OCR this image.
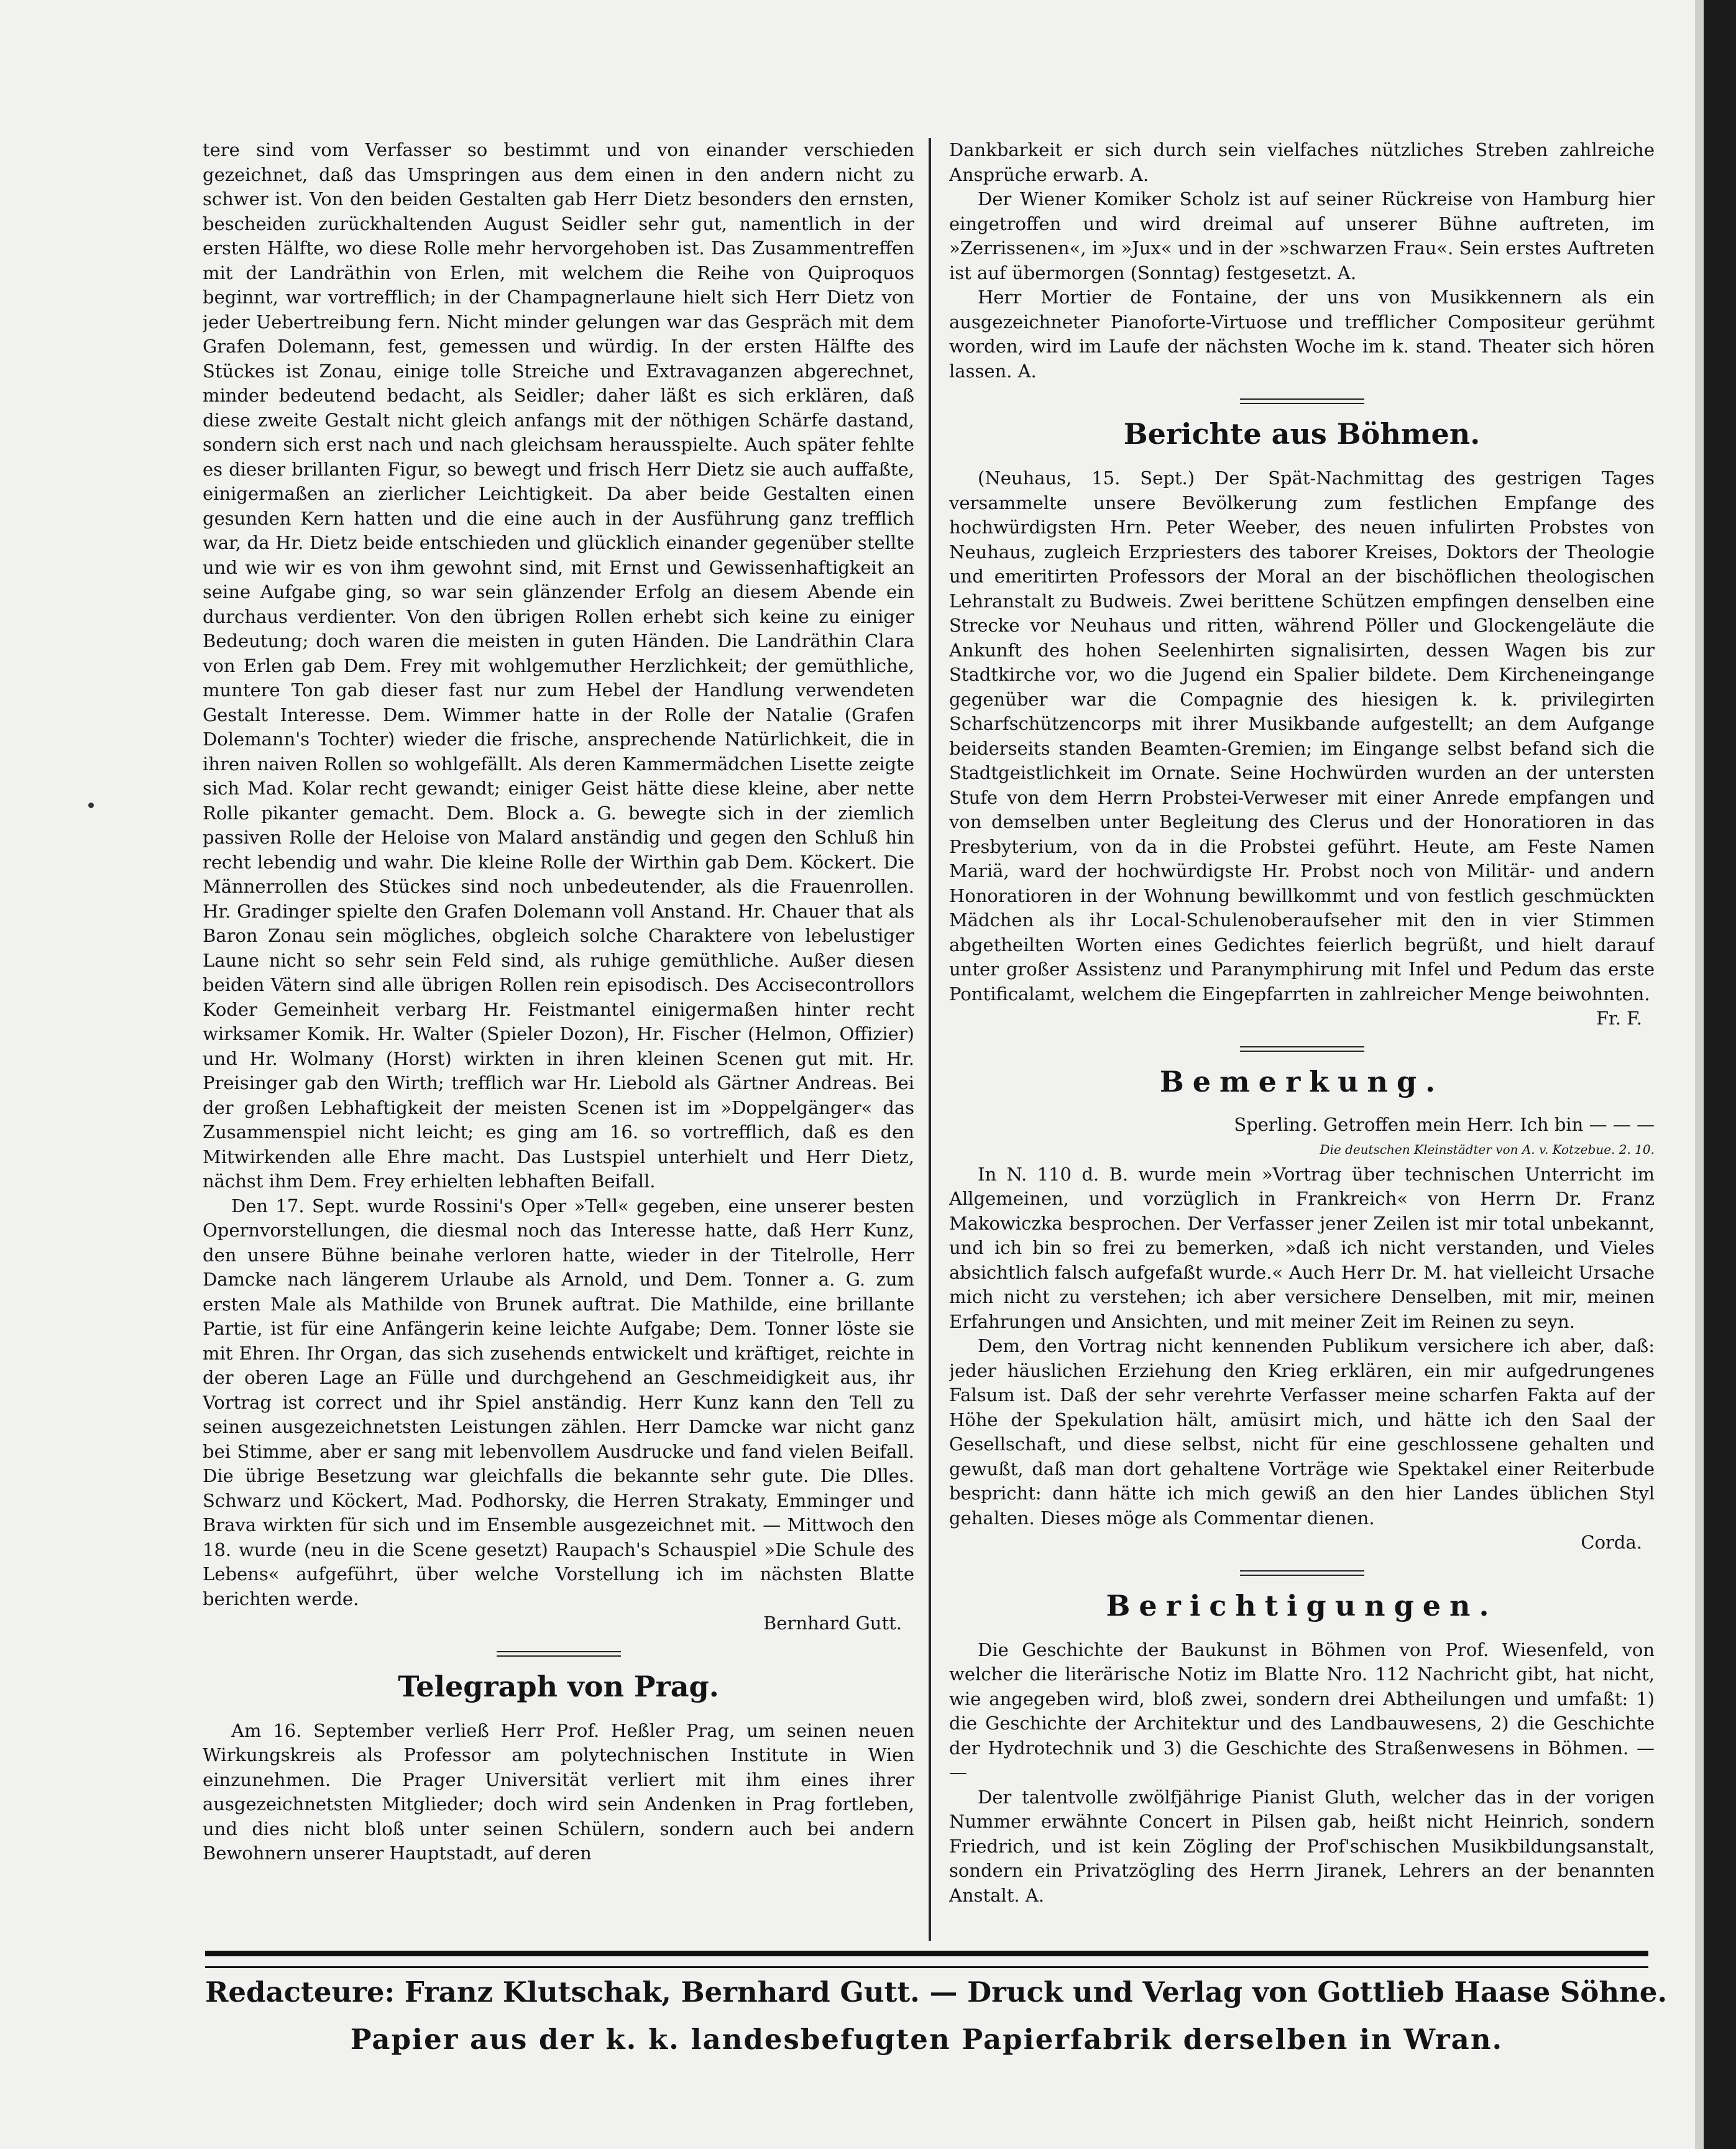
tere sind vom Verfasser so bestimmt und von einander verschieden gezeichnet, daß das Umspringen aus dem einen in den andern nicht zu schwer ist. Von den beiden Gestalten gab Herr Dietz besonders den ernsten, bescheiden zurückhaltenden August Seidler sehr gut, namentlich in der ersten Hälfte, wo diese Rolle mehr hervorgehoben ist. Das Zusammentreffen mit der Landräthin von Erlen, mit welchem die Reihe von Quiproquos beginnt, war vortrefflich; in der Champagnerlaune hielt sich Herr Dietz von jeder Uebertreibung fern. Nicht minder gelungen war das Gespräch mit dem Grafen Dolemann, fest, gemessen und würdig. In der ersten Hälfte des Stückes ist Zonau, einige tolle Streiche und Extravaganzen abgerechnet, minder bedeutend bedacht, als Seidler; daher läßt es sich erklären, daß diese zweite Gestalt nicht gleich anfangs mit der nöthigen Schärfe dastand, sondern sich erst nach und nach gleichsam herausspielte. Auch später fehlte es dieser brillanten Figur, so bewegt und frisch Herr Dietz sie auch auffaßte, einigermaßen an zierlicher Leichtigkeit. Da aber beide Gestalten einen gesunden Kern hatten und die eine auch in der Ausführung ganz trefflich war, da Hr. Dietz beide entschieden und glücklich einander gegenüber stellte und wie wir es von ihm gewohnt sind, mit Ernst und Gewissenhaftigkeit an seine Aufgabe ging, so war sein glänzender Erfolg an diesem Abende ein durchaus verdienter. Von den übrigen Rollen erhebt sich keine zu einiger Bedeutung; doch waren die meisten in guten Händen. Die Landräthin Clara von Erlen gab Dem. Frey mit wohlgemuther Herzlichkeit; der gemüthliche, muntere Ton gab dieser fast nur zum Hebel der Handlung verwendeten Gestalt Interesse. Dem. Wimmer hatte in der Rolle der Natalie (Grafen Dolemann's Tochter) wieder die frische, ansprechende Natürlichkeit, die in ihren naiven Rollen so wohlgefällt. Als deren Kammermädchen Lisette zeigte sich Mad. Kolar recht gewandt; einiger Geist hätte diese kleine, aber nette Rolle pikanter gemacht. Dem. Block a. G. bewegte sich in der ziemlich passiven Rolle der Heloise von Malard anständig und gegen den Schluß hin recht lebendig und wahr. Die kleine Rolle der Wirthin gab Dem. Köckert. Die Männerrollen des Stückes sind noch unbedeutender, als die Frauenrollen. Hr. Gradinger spielte den Grafen Dolemann voll Anstand. Hr. Chauer that als Baron Zonau sein mögliches, obgleich solche Charaktere von lebelustiger Laune nicht so sehr sein Feld sind, als ruhige gemüthliche. Außer diesen beiden Vätern sind alle übrigen Rollen rein episodisch. Des Accisecontrollors Koder Gemeinheit verbarg Hr. Feistmantel einigermaßen hinter recht wirksamer Komik. Hr. Walter (Spieler Dozon), Hr. Fischer (Helmon, Offizier) und Hr. Wolmany (Horst) wirkten in ihren kleinen Scenen gut mit. Hr. Preisinger gab den Wirth; trefflich war Hr. Liebold als Gärtner Andreas. Bei der großen Lebhaftigkeit der meisten Scenen ist im »Doppelgänger« das Zusammenspiel nicht leicht; es ging am 16. so vortrefflich, daß es den Mitwirkenden alle Ehre macht. Das Lustspiel unterhielt und Herr Dietz, nächst ihm Dem. Frey erhielten lebhaften Beifall.

Den 17. Sept. wurde Rossini's Oper »Tell« gegeben, eine unserer besten Opernvorstellungen, die diesmal noch das Interesse hatte, daß Herr Kunz, den unsere Bühne beinahe verloren hatte, wieder in der Titelrolle, Herr Damcke nach längerem Urlaube als Arnold, und Dem. Tonner a. G. zum ersten Male als Mathilde von Brunek auftrat. Die Mathilde, eine brillante Partie, ist für eine Anfängerin keine leichte Aufgabe; Dem. Tonner löste sie mit Ehren. Ihr Organ, das sich zusehends entwickelt und kräftiget, reichte in der oberen Lage an Fülle und durchgehend an Geschmeidigkeit aus, ihr Vortrag ist correct und ihr Spiel anständig. Herr Kunz kann den Tell zu seinen ausgezeichnetsten Leistungen zählen. Herr Damcke war nicht ganz bei Stimme, aber er sang mit lebenvollem Ausdrucke und fand vielen Beifall. Die übrige Besetzung war gleichfalls die bekannte sehr gute. Die Dlles. Schwarz und Köckert, Mad. Podhorsky, die Herren Strakaty, Emminger und Brava wirkten für sich und im Ensemble ausgezeichnet mit. — Mittwoch den 18. wurde (neu in die Scene gesetzt) Raupach's Schauspiel »Die Schule des Lebens« aufgeführt, über welche Vorstellung ich im nächsten Blatte berichten werde.

Bernhard Gutt.

Telegraph von Prag.

Am 16. September verließ Herr Prof. Heßler Prag, um seinen neuen Wirkungskreis als Professor am polytechnischen Institute in Wien einzunehmen. Die Prager Universität verliert mit ihm eines ihrer ausgezeichnetsten Mitglieder; doch wird sein Andenken in Prag fortleben, und dies nicht bloß unter seinen Schülern, sondern auch bei andern Bewohnern unserer Hauptstadt, auf deren

Dankbarkeit er sich durch sein vielfaches nützliches Streben zahlreiche Ansprüche erwarb. A.

Der Wiener Komiker Scholz ist auf seiner Rückreise von Hamburg hier eingetroffen und wird dreimal auf unserer Bühne auftreten, im »Zerrissenen«, im »Jux« und in der »schwarzen Frau«. Sein erstes Auftreten ist auf übermorgen (Sonntag) festgesetzt. A.

Herr Mortier de Fontaine, der uns von Musikkennern als ein ausgezeichneter Pianoforte-Virtuose und trefflicher Compositeur gerühmt worden, wird im Laufe der nächsten Woche im k. stand. Theater sich hören lassen. A.

Berichte aus Böhmen.

(Neuhaus, 15. Sept.) Der Spät-Nachmittag des gestrigen Tages versammelte unsere Bevölkerung zum festlichen Empfange des hochwürdigsten Hrn. Peter Weeber, des neuen infulirten Probstes von Neuhaus, zugleich Erzpriesters des taborer Kreises, Doktors der Theologie und emeritirten Professors der Moral an der bischöflichen theologischen Lehranstalt zu Budweis. Zwei berittene Schützen empfingen denselben eine Strecke vor Neuhaus und ritten, während Pöller und Glockengeläute die Ankunft des hohen Seelenhirten signalisirten, dessen Wagen bis zur Stadtkirche vor, wo die Jugend ein Spalier bildete. Dem Kircheneingange gegenüber war die Compagnie des hiesigen k. k. privilegirten Scharfschützencorps mit ihrer Musikbande aufgestellt; an dem Aufgange beiderseits standen Beamten-Gremien; im Eingange selbst befand sich die Stadtgeistlichkeit im Ornate. Seine Hochwürden wurden an der untersten Stufe von dem Herrn Probstei-Verweser mit einer Anrede empfangen und von demselben unter Begleitung des Clerus und der Honoratioren in das Presbyterium, von da in die Probstei geführt. Heute, am Feste Namen Mariä, ward der hochwürdigste Hr. Probst noch von Militär- und andern Honoratioren in der Wohnung bewillkommt und von festlich geschmückten Mädchen als ihr Local-Schulenoberaufseher mit den in vier Stimmen abgetheilten Worten eines Gedichtes feierlich begrüßt, und hielt darauf unter großer Assistenz und Paranymphirung mit Infel und Pedum das erste Pontificalamt, welchem die Eingepfarrten in zahlreicher Menge beiwohnten.

Fr. F.

Bemerkung.
Sperling. Getroffen mein Herr. Ich bin — — —
Die deutschen Kleinstädter von A. v. Kotzebue. 2. 10.

In N. 110 d. B. wurde mein »Vortrag über technischen Unterricht im Allgemeinen, und vorzüglich in Frankreich« von Herrn Dr. Franz Makowiczka besprochen. Der Verfasser jener Zeilen ist mir total unbekannt, und ich bin so frei zu bemerken, »daß ich nicht verstanden, und Vieles absichtlich falsch aufgefaßt wurde.« Auch Herr Dr. M. hat vielleicht Ursache mich nicht zu verstehen; ich aber versichere Denselben, mit mir, meinen Erfahrungen und Ansichten, und mit meiner Zeit im Reinen zu seyn.

Dem, den Vortrag nicht kennenden Publikum versichere ich aber, daß: jeder häuslichen Erziehung den Krieg erklären, ein mir aufgedrungenes Falsum ist. Daß der sehr verehrte Verfasser meine scharfen Fakta auf der Höhe der Spekulation hält, amüsirt mich, und hätte ich den Saal der Gesellschaft, und diese selbst, nicht für eine geschlossene gehalten und gewußt, daß man dort gehaltene Vorträge wie Spektakel einer Reiterbude bespricht: dann hätte ich mich gewiß an den hier Landes üblichen Styl gehalten. Dieses möge als Commentar dienen.

Corda.

Berichtigungen.

Die Geschichte der Baukunst in Böhmen von Prof. Wiesenfeld, von welcher die literärische Notiz im Blatte Nro. 112 Nachricht gibt, hat nicht, wie angegeben wird, bloß zwei, sondern drei Abtheilungen und umfaßt: 1) die Geschichte der Architektur und des Landbauwesens, 2) die Geschichte der Hydrotechnik und 3) die Geschichte des Straßenwesens in Böhmen. — —

Der talentvolle zwölfjährige Pianist Gluth, welcher das in der vorigen Nummer erwähnte Concert in Pilsen gab, heißt nicht Heinrich, sondern Friedrich, und ist kein Zögling der Prof'schischen Musikbildungsanstalt, sondern ein Privatzögling des Herrn Jiranek, Lehrers an der benannten Anstalt. A.

Redacteure: Franz Klutschak, Bernhard Gutt. — Druck und Verlag von Gottlieb Haase Söhne.
Papier aus der k. k. landesbefugten Papierfabrik derselben in Wran.
